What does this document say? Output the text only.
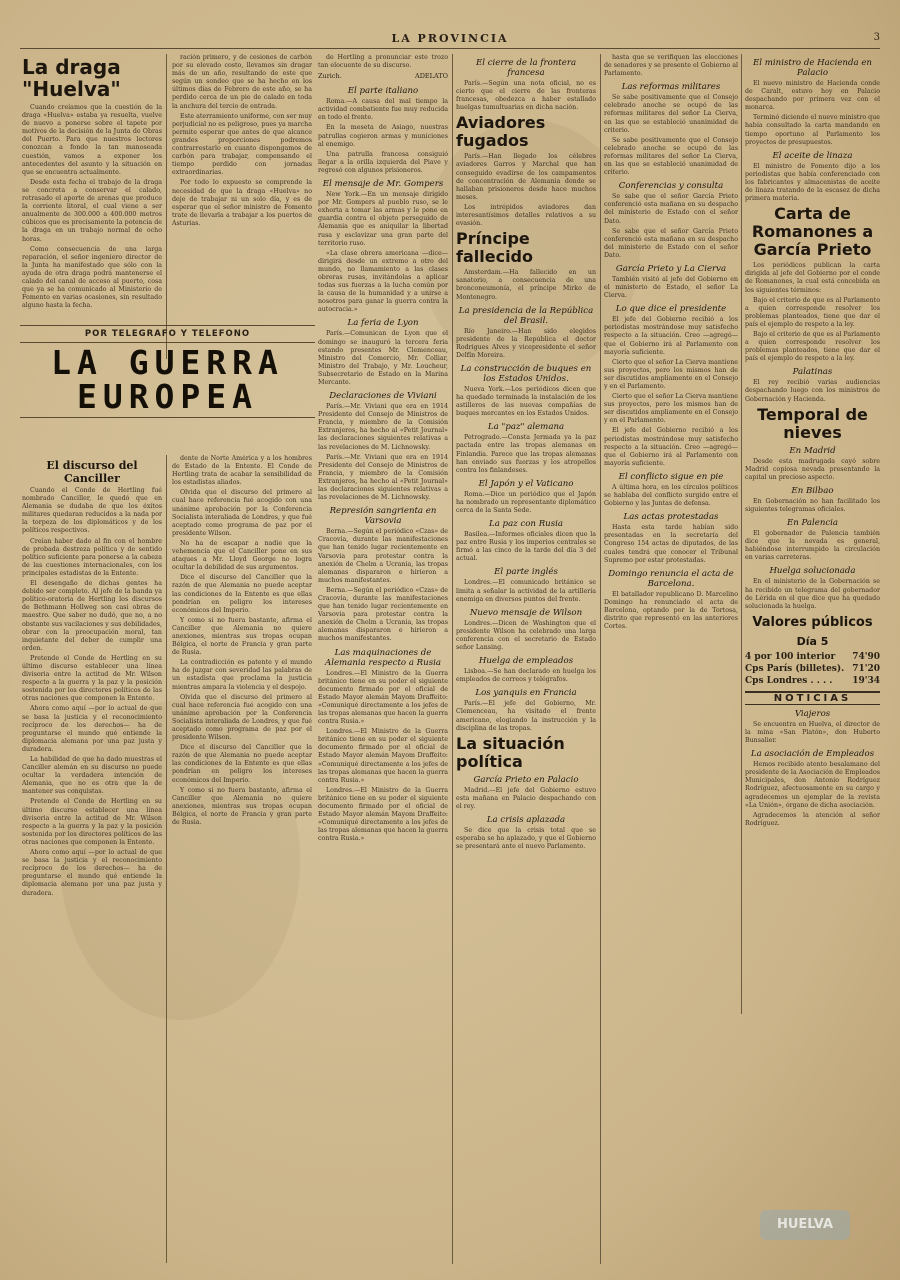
LA PROVINCIA	3
La draga "Huelva"

Cuando creíamos que la cuestión de la draga «Huelva» estaba ya resuelta, vuelve de nuevo a ponerse sobre el tapete por motivos de la decisión de la Junta de Obras del Puerto. Para que nuestros lectores conozcan a fondo la tan manoseada cuestión, vamos a exponer los antecedentes del asunto y la situación en que se encuentra actualmente.

Desde esta fecha el trabajo de la draga se concreta a conservar el calado, retrasado el aporte de arenas que produce la corriente litoral, el cual viene a ser anualmente de 300.000 a 400.000 metros cúbicos que es precisamente la potencia de la draga en un trabajo normal de ocho horas.

Como consecuencia de una larga reparación, el señor ingeniero director de la Junta ha manifestado que sólo con la ayuda de otra draga podrá mantenerse el calado del canal de acceso al puerto, cosa que ya se ha comunicado al Ministerio de Fomento en varias ocasiones, sin resultado alguno hasta la fecha.

ración primero, y de cesiones de carbón por su elevado costo, llevamos sin dragar más de un año, resultando de este que según un sondeo que se ha hecho en los últimos días de Febrero de este año, se ha perdido cerca de un pie de calado en toda la anchura del tercio de entrada.

Este aterramiento uniforme, con ser muy perjudicial no es peligroso, pues ya marcha permite esperar que antes de que alcance grandes proporciones podremos contrarrestarlo en cuanto dispongamos de carbón para trabajar, compensando el tiempo perdido con jornadas extraordinarias.

Por todo lo expuesto se comprende la necesidad de que la draga «Huelva» no deje de trabajar ni un solo día, y es de esperar que el señor ministro de Fomento trate de llevarla a trabajar a los puertos de Asturias.

de Hertling a pronunciar este trozo tan elocuente de su discurso.

Zurich.	ADELATO
El parte italiano

Roma.—A causa del mal tiempo la actividad combatiente fue muy reducida en todo el frente.

En la meseta de Asiago, nuestras patrullas cogieron armas y municiones al enemigo.

Una patrulla francesa consiguió llegar a la orilla izquierda del Piave y regresó con algunos prisioneros.

El mensaje de Mr. Gompers

New York.—En un mensaje dirigido por Mr. Gompers al pueblo ruso, se le exhorta a tomar las armas y le pone en guardia contra el objeto perseguido de Alemania que es aniquilar la libertad rusa y esclavizar una gran parte del territorio ruso.

«La clase obrera americana —dice— dirigirá desde un extremo a otro del mundo, no llamamiento a las clases obreras rusas, invitándolas a aplicar todas sus fuerzas a la lucha común por la causa de la humanidad y a unirse a nosotros para ganar la guerra contra la autocracia.»

La feria de Lyon

París.—Comunican de Lyon que el domingo se inauguró la tercera feria estando presentes Mr. Clemenceau, Ministro del Comercio, Mr. Colliar, Ministro del Trabajo, y Mr. Loucheur, Subsecretario de Estado en la Marina Mercante.

Declaraciones de Viviani

París.—Mr. Viviani que era en 1914 Presidente del Consejo de Ministros de Francia, y miembro de la Comisión Extranjeros, ha hecho al «Petit Journal» las declaraciones siguientes relativas a las revelaciones de M. Lichnowsky.

París.—Mr. Viviani que era en 1914 Presidente del Consejo de Ministros de Francia, y miembro de la Comisión Extranjeros, ha hecho al «Petit Journal» las declaraciones siguientes relativas a las revelaciones de M. Lichnowsky.

Represión sangrienta en Varsovia

Berna.—Según el periódico «Czas» de Cracovia, durante las manifestaciones que han tenido lugar recientemente en Varsovia para protestar contra la anexión de Chelm a Ucrania, las tropas alemanas dispararon e hirieron a muchos manifestantes.

Berna.—Según el periódico «Czas» de Cracovia, durante las manifestaciones que han tenido lugar recientemente en Varsovia para protestar contra la anexión de Chelm a Ucrania, las tropas alemanas dispararon e hirieron a muchos manifestantes.

Las maquinaciones de Alemania respecto a Rusia

Londres.—El Ministro de la Guerra británico tiene en su poder el siguiente documento firmado por el oficial de Estado Mayor alemán Mayom Draffeito: «Comuniqué directamente a los jefes de las tropas alemanas que hacen la guerra contra Rusia.»

Londres.—El Ministro de la Guerra británico tiene en su poder el siguiente documento firmado por el oficial de Estado Mayor alemán Mayom Draffeito: «Comuniqué directamente a los jefes de las tropas alemanas que hacen la guerra contra Rusia.»

Londres.—El Ministro de la Guerra británico tiene en su poder el siguiente documento firmado por el oficial de Estado Mayor alemán Mayom Draffeito: «Comuniqué directamente a los jefes de las tropas alemanas que hacen la guerra contra Rusia.»

El cierre de la frontera francesa

París.—Según una nota oficial, no es cierto que el cierre de las fronteras francesas, obedezca a haber estallado huelgas tumultuarias en dicha nación.

Aviadores fugados

París.—Han llegado los célebres aviadores Garros y Marchal que han conseguido evadirse de los campamentos de concentración de Alemania donde se hallaban prisioneros desde hace muchos meses.

Los intrépidos aviadores dan interesantísimos detalles relativos a su evasión.

Príncipe fallecido

Amsterdam.—Ha fallecido en un sanatorio, a consecuencia de una bronconeumonía, el príncipe Mirko de Montenegro.

La presidencia de la República del Brasil.

Río Janeiro.—Han sido elegidos presidente de la República el doctor Rodrigues Alves y vicepresidente el señor Delfín Moreira.

La construcción de buques en los Estados Unidos.

Nueva York.—Los periódicos dicen que ha quedado terminada la instalación de los astilleros de las nuevas compañías de buques mercantes en los Estados Unidos.

La "paz" alemana

Petrogrado.—Consta Jermada ya la paz pactada entre las tropas alemanas en Finlandia. Parece que las tropas alemanas han enviado sus fuerzas y los atropellos contra los finlandeses.

El Japón y el Vaticano

Roma.—Dice un periódico que el Japón ha nombrado un representante diplomático cerca de la Santa Sede.

La paz con Rusia

Basilea.—Informes oficiales dicen que la paz entre Rusia y los imperios centrales se firmó a las cinco de la tarde del día 3 del actual.

El parte inglés

Londres.—El comunicado británico se limita a señalar la actividad de la artillería enemiga en diversos puntos del frente.

Nuevo mensaje de Wilson

Londres.—Dicen de Washington que el presidente Wilson ha celebrado una larga conferencia con el secretario de Estado señor Lansing.

Huelga de empleados

Lisboa.—Se han declarado en huelga los empleados de correos y telégrafos.

Los yanquis en Francia

París.—El jefe del Gobierno, Mr. Clemenceau, ha visitado el frente americano, elogiando la instrucción y la disciplina de las tropas.

La situación política
García Prieto en Palacio

Madrid.—El jefe del Gobierno estuvo esta mañana en Palacio despachando con el rey.

La crisis aplazada

Se dice que la crisis total que se esperaba se ha aplazado, y que el Gobierno se presentará ante el nuevo Parlamento.

hasta que se verifiquen las elecciones de senadores y se presente el Gobierno al Parlamento.

Las reformas militares

Se sabe positivamente que el Consejo celebrado anoche se ocupó de las reformas militares del señor La Cierva, en las que se estableció unanimidad de criterio.

Se sabe positivamente que el Consejo celebrado anoche se ocupó de las reformas militares del señor La Cierva, en las que se estableció unanimidad de criterio.

Conferencias y consulta

Se sabe que el señor García Prieto conferenció esta mañana en su despacho del ministerio de Estado con el señor Dato.

Se sabe que el señor García Prieto conferenció esta mañana en su despacho del ministerio de Estado con el señor Dato.

García Prieto y La Cierva

También visitó al jefe del Gobierno en el ministerio de Estado, el señor La Cierva.

Lo que dice el presidente

El jefe del Gobierno recibió a los periodistas mostrándose muy satisfecho respecto a la situación. Creo —agregó— que el Gobierno irá al Parlamento con mayoría suficiente.

Cierto que el señor La Cierva mantiene sus proyectos, pero los mismos han de ser discutidos ampliamente en el Consejo y en el Parlamento.

Cierto que el señor La Cierva mantiene sus proyectos, pero los mismos han de ser discutidos ampliamente en el Consejo y en el Parlamento.

El jefe del Gobierno recibió a los periodistas mostrándose muy satisfecho respecto a la situación. Creo —agregó— que el Gobierno irá al Parlamento con mayoría suficiente.

El conflicto sigue en pie

A última hora, en los círculos políticos se hablaba del conflicto surgido entre el Gobierno y las Juntas de defensa.

Las actas protestadas

Hasta esta tarde habían sido presentadas en la secretaría del Congreso 154 actas de diputados, de las cuales tendrá que conocer el Tribunal Supremo por estar protestadas.

Domingo renuncia el acta de Barcelona.

El batallador republicano D. Marcelino Domingo ha renunciado el acta de Barcelona, optando por la de Tortosa, distrito que representó en las anteriores Cortes.

El ministro de Hacienda en Palacio

El nuevo ministro de Hacienda conde de Caralt, estuvo hoy en Palacio despachando por primera vez con el monarca.

Terminó diciendo el nuevo ministro que había consultado la carta mandando en tiempo oportuno al Parlamento los proyectos de presupuestos.

El aceite de linaza

El ministro de Fomento dijo a los periodistas que había conferenciado con los fabricantes y almacenistas de aceite de linaza tratando de la escasez de dicha primera materia.

Carta de Romanones a García Prieto

Los periódicos publican la carta dirigida al jefe del Gobierno por el conde de Romanones, la cual está concebida en los siguientes términos:

Bajo el criterio de que es al Parlamento a quien corresponde resolver los problemas planteados, tiene que dar el país el ejemplo de respeto a la ley.

Bajo el criterio de que es al Parlamento a quien corresponde resolver los problemas planteados, tiene que dar el país el ejemplo de respeto a la ley.

Palatinas

El rey recibió varias audiencias despachando luego con los ministros de Gobernación y Hacienda.

Temporal de nieves
En Madrid

Desde esta madrugada cayó sobre Madrid copiosa nevada presentando la capital un precioso aspecto.

En Bilbao

En Gobernación no han facilitado los siguientes telegramas oficiales.

En Palencia

El gobernador de Palencia también dice que la nevada es general, habiéndose interrumpido la circulación en varias carreteras.

Huelga solucionada

En el ministerio de la Gobernación se ha recibido un telegrama del gobernador de Lérida en el que dice que ha quedado solucionada la huelga.

Valores públicos
Día 5
4 por 100 interior 74'90
Cps París (billetes). 71'20
Cps Londres . . . . 19'34
NOTICIAS
Viajeros

Se encuentra en Huelva, el director de la mina «San Platón», don Huberto Bunsalier.

La asociación de Empleados

Hemos recibido atento besalamano del presidente de la Asociación de Empleados Municipales, don Antonio Rodríguez Rodríguez, afectuosamente en su cargo y agradecemos un ejemplar de la revista «La Unión», órgano de dicha asociación.

Agradecemos la atención al señor Rodríguez.

POR TELEGRAFO Y TELEFONO
LA GUERRA
EUROPEA
El discurso del Canciller

Cuando el Conde de Hertling fué nombrado Canciller, le quedó que en Alemania se dudaba de que los éxitos militares quedaran reducidos a la nada por la torpeza de los diplomáticos y de los políticos respectivos.

Creían haber dado al fin con el hombre de probada destreza política y de sentido político suficiente para ponerse a la cabeza de las cuestiones internacionales, con los principales estadistas de la Entente.

El desengaño de dichas gentes ha debido ser completo. Al jefe de la banda ya político-oratoria de Hertling los discursos de Bethmann Hollweg son casi obras de maestro. Que saber no dudó, que no, a no obstante sus vacilaciones y sus debilidades, obrar con la preocupación moral, tan inquietante del deber de cumplir una orden.

Pretende el Conde de Hertling en su último discurso establecer una línea divisoria entre la actitud de Mr. Wilson respecto a la guerra y la paz y la posición sostenida por los directores políticos de las otras naciones que componen la Entente.

Ahora como aquí —por lo actual de que se basa la justicia y el reconocimiento recíproco de los derechos— ha de preguntarse el mundo qué entiende la diplomacia alemana por una paz justa y duradera.

La habilidad de que ha dado muestras el Canciller alemán en su discurso no puede ocultar la verdadera intención de Alemania, que no es otra que la de mantener sus conquistas.

Pretende el Conde de Hertling en su último discurso establecer una línea divisoria entre la actitud de Mr. Wilson respecto a la guerra y la paz y la posición sostenida por los directores políticos de las otras naciones que componen la Entente.

Ahora como aquí —por lo actual de que se basa la justicia y el reconocimiento recíproco de los derechos— ha de preguntarse el mundo qué entiende la diplomacia alemana por una paz justa y duradera.

dente de Norte América y a los hombres de Estado de la Entente. El Conde de Hertling trata de acabar la sensibilidad de los estadistas aliados.

Olvida que el discurso del primero al cual hace referencia fué acogido con una unánime aprobación por la Conferencia Socialista interaliada de Londres, y que fué aceptado como programa de paz por el presidente Wilson.

No ha de escapar a nadie que la vehemencia que el Canciller pone en sus ataques a Mr. Lloyd George no logra ocultar la debilidad de sus argumentos.

Dice el discurso del Canciller que la razón de que Alemania no puede aceptar las condiciones de la Entente es que ellas pondrían en peligro los intereses económicos del Imperio.

Y como si no fuera bastante, afirma el Canciller que Alemania no quiere anexiones, mientras sus tropas ocupan Bélgica, el norte de Francia y gran parte de Rusia.

La contradicción es patente y el mundo ha de juzgar con severidad las palabras de un estadista que proclama la justicia mientras ampara la violencia y el despojo.

Olvida que el discurso del primero al cual hace referencia fué acogido con una unánime aprobación por la Conferencia Socialista interaliada de Londres, y que fué aceptado como programa de paz por el presidente Wilson.

Dice el discurso del Canciller que la razón de que Alemania no puede aceptar las condiciones de la Entente es que ellas pondrían en peligro los intereses económicos del Imperio.

Y como si no fuera bastante, afirma el Canciller que Alemania no quiere anexiones, mientras sus tropas ocupan Bélgica, el norte de Francia y gran parte de Rusia.

HUELVA
